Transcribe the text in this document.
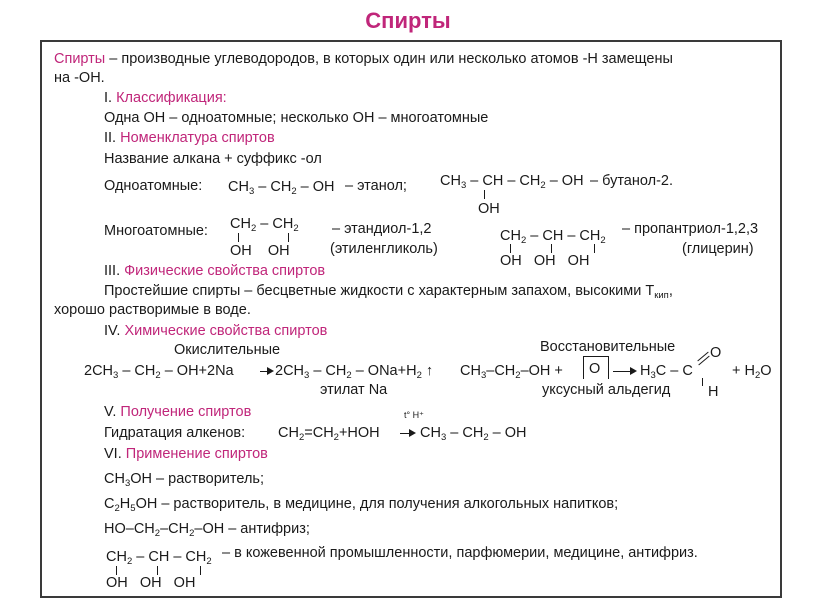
Спирты
Спирты – производные углеводородов, в которых один или несколько атомов -Н замещены
на -ОН.
I. Классификация:
Одна ОН – одноатомные; несколько ОН – многоатомные
II. Номенклатура спиртов
Название алкана + суффикс -ол
Одноатомные: $CH_3 - CH_2$ – OH – этанол; $CH_3$ – CH – $CH_2$ – OH
OH
– бутанол-2.
Многоатомные: $CH_2 - CH_2$
OH    OH
– этандиол-1,2
(этиленгликоль)
$CH_2$ – CH – $CH_2$
OH   OH   OH
– пропантриол-1,2,3
(глицерин)
III. Физические свойства спиртов
Простейшие спирты – бесцветные жидкости с характерным запахом, высокими $Т_{кип}$,
хорошо растворимые в воде.
IV. Химические свойства спиртов
Окислительные	Восстановительные
$2CH_3 - CH_2 - OH+2Na$	$2CH_3 - CH_2 - ONa+H_2$ ↑
этилат Na
$CH_3-CH_2-OH + O$	$H_3C$ – C
O
H
+ $H_2O$
уксусный альдегид
V. Получение спиртов
Гидратация алкенов: $CH_2=CH_2+HOH$
t° H⁺
$CH_3 - CH_2$ – OH
VI. Применение спиртов
$CH_3OH$ – растворитель;
$C_2H_5OH$ – растворитель, в медицине, для получения алкогольных напитков;
$HO-CH_2-CH_2-OH$ – антифриз;
$CH_2$ – CH – $CH_2$
OH   OH   OH
– в кожевенной промышленности, парфюмерии, медицине, антифриз.
